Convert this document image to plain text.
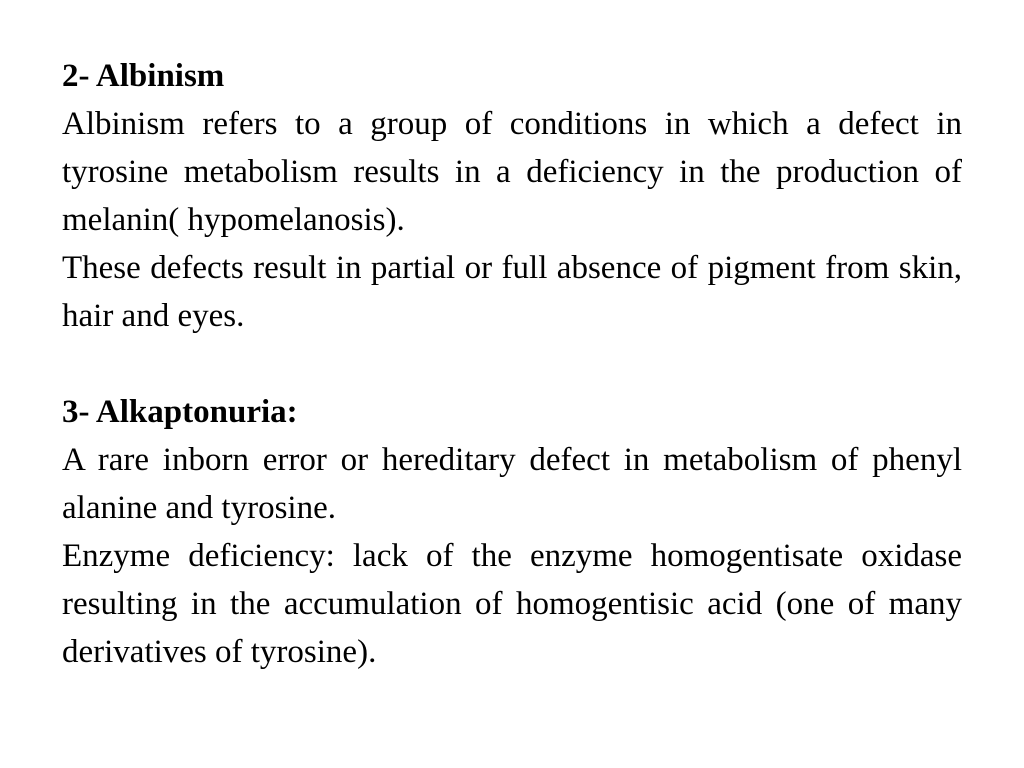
2- Albinism

Albinism refers to a group of conditions in which a defect in tyrosine metabolism results in a deficiency in the production of melanin( hypomelanosis).

These defects result in partial or full absence of pigment from skin, hair and eyes.

3- Alkaptonuria:

A rare inborn error or hereditary defect in metabolism of phenyl alanine and tyrosine.

Enzyme deficiency: lack of the enzyme homogentisate oxidase resulting in the accumulation of homogentisic acid (one of many derivatives of tyrosine).
